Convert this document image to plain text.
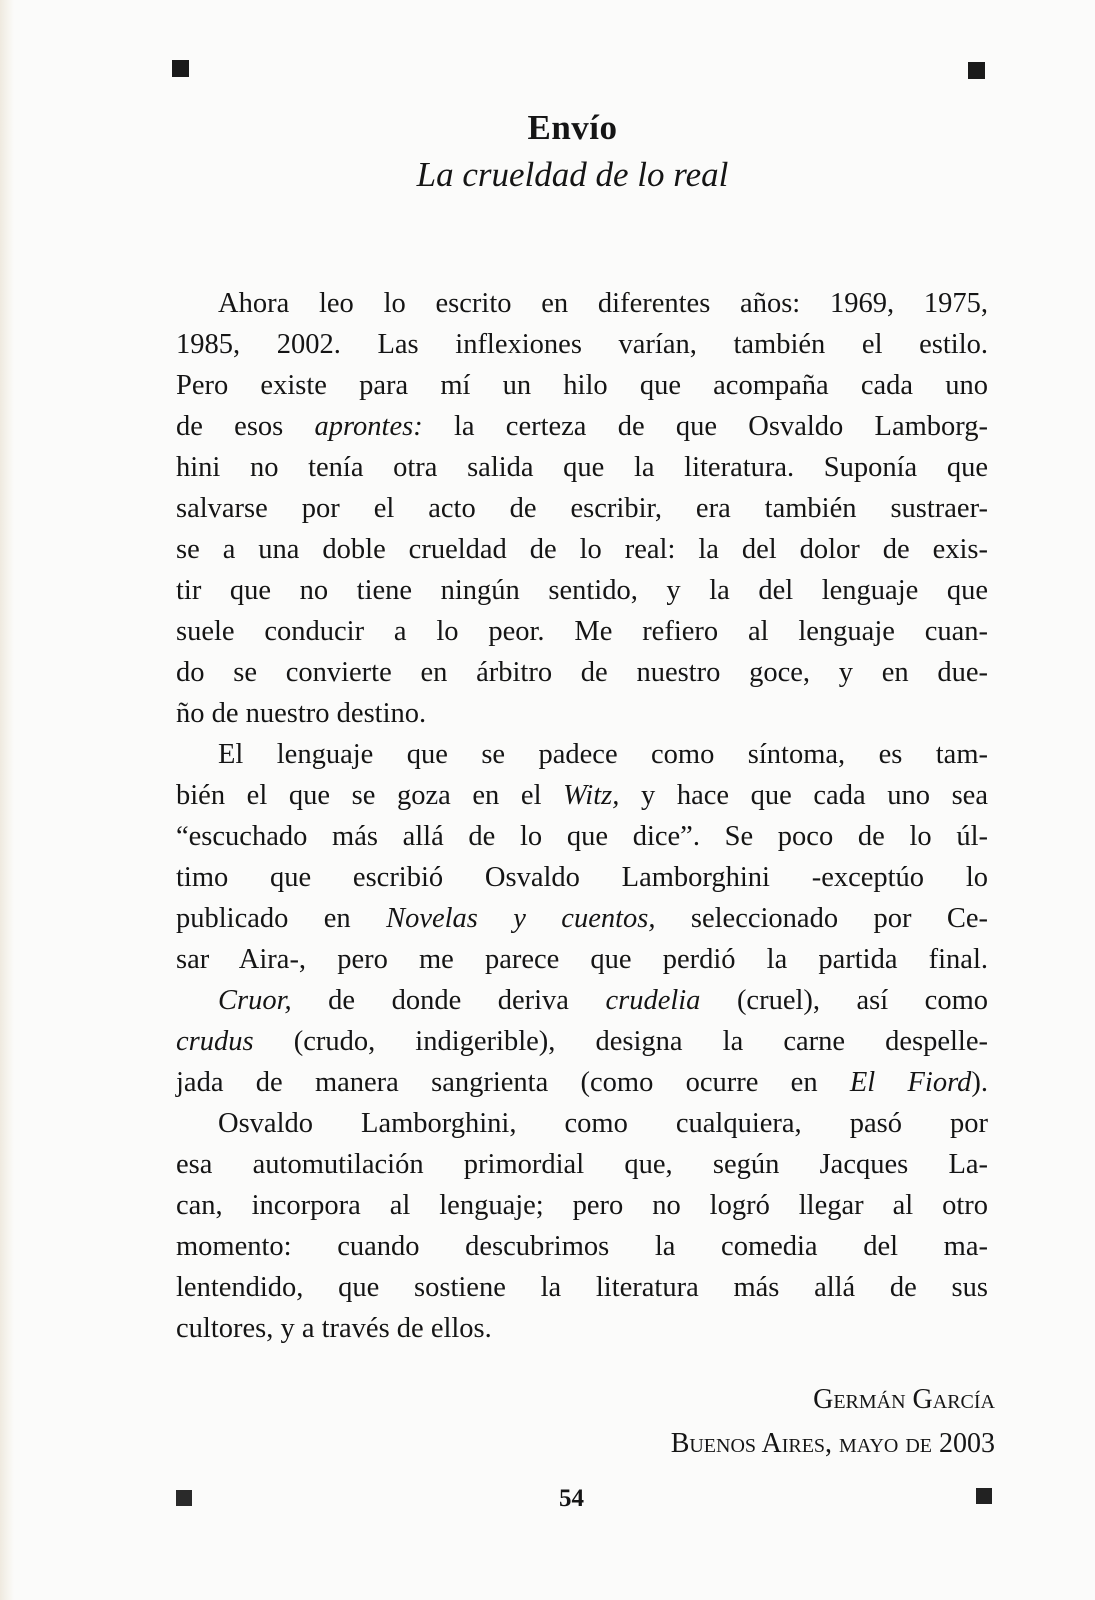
Envío
La crueldad de lo real
Ahora leo lo escrito en diferentes años: 1969, 1975,
1985, 2002. Las inflexiones varían, también el estilo.
Pero existe para mí un hilo que acompaña cada uno
de esos aprontes: la certeza de que Osvaldo Lamborg-
hini no tenía otra salida que la literatura. Suponía que
salvarse por el acto de escribir, era también sustraer-
se a una doble crueldad de lo real: la del dolor de exis-
tir que no tiene ningún sentido, y la del lenguaje que
suele conducir a lo peor. Me refiero al lenguaje cuan-
do se convierte en árbitro de nuestro goce, y en due-
ño de nuestro destino.
El lenguaje que se padece como síntoma, es tam-
bién el que se goza en el Witz, y hace que cada uno sea
“escuchado más allá de lo que dice”. Se poco de lo úl-
timo que escribió Osvaldo Lamborghini -exceptúo lo
publicado en Novelas y cuentos, seleccionado por Ce-
sar Aira-, pero me parece que perdió la partida final.
Cruor, de donde deriva crudelia (cruel), así como
crudus (crudo, indigerible), designa la carne despelle-
jada de manera sangrienta (como ocurre en El Fiord).
Osvaldo Lamborghini, como cualquiera, pasó por
esa automutilación primordial que, según Jacques La-
can, incorpora al lenguaje; pero no logró llegar al otro
momento: cuando descubrimos la comedia del ma-
lentendido, que sostiene la literatura más allá de sus
cultores, y a través de ellos.
Germán García
Buenos Aires, mayo de 2003
54
